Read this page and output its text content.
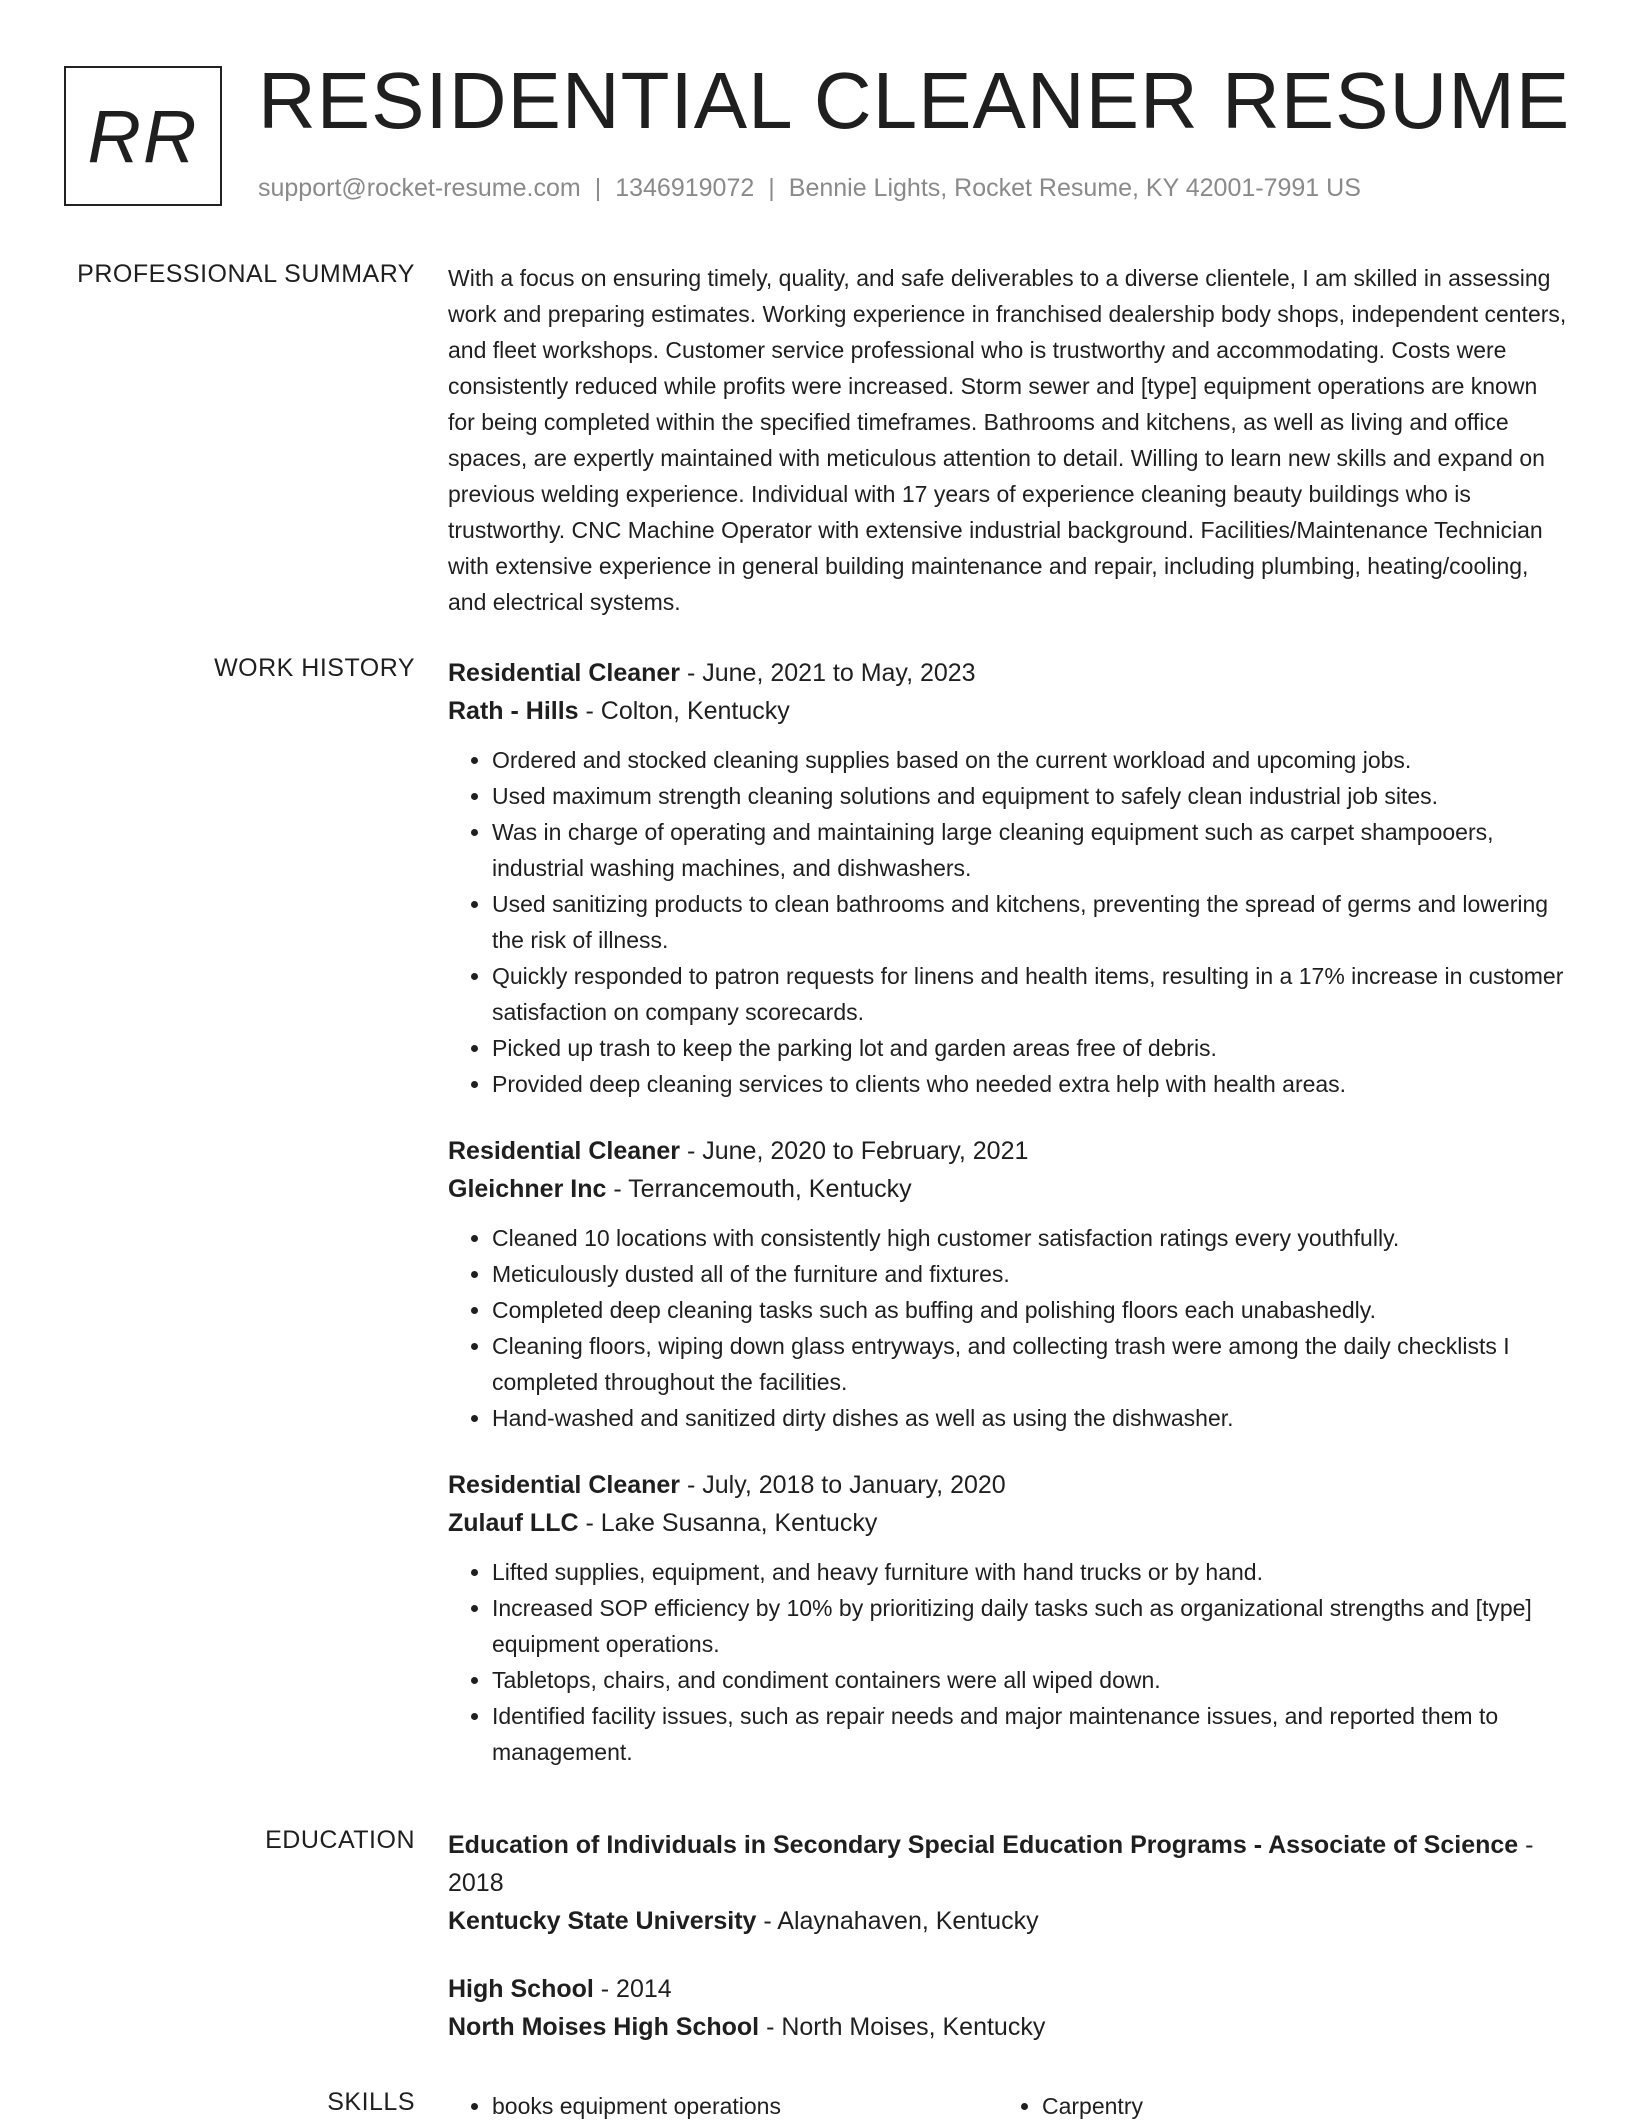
RR RESIDENTIAL CLEANER RESUME
support@rocket-resume.com | 1346919072 | Bennie Lights, Rocket Resume, KY 42001-7991 US
PROFESSIONAL SUMMARY With a focus on ensuring timely, quality, and safe deliverables to a diverse clientele, I am skilled in assessing work and preparing estimates. Working experience in franchised dealership body shops, independent centers, and fleet workshops. Customer service professional who is trustworthy and accommodating. Costs were consistently reduced while profits were increased. Storm sewer and [type] equipment operations are known for being completed within the specified timeframes. Bathrooms and kitchens, as well as living and office spaces, are expertly maintained with meticulous attention to detail. Willing to learn new skills and expand on previous welding experience. Individual with 17 years of experience cleaning beauty buildings who is trustworthy. CNC Machine Operator with extensive industrial background. Facilities/Maintenance Technician with extensive experience in general building maintenance and repair, including plumbing, heating/cooling, and electrical systems.

WORK HISTORY Residential Cleaner - June, 2021 to May, 2023
Rath - Hills - Colton, Kentucky
• Ordered and stocked cleaning supplies based on the current workload and upcoming jobs.
• Used maximum strength cleaning solutions and equipment to safely clean industrial job sites.
• Was in charge of operating and maintaining large cleaning equipment such as carpet shampooers, industrial washing machines, and dishwashers.
• Used sanitizing products to clean bathrooms and kitchens, preventing the spread of germs and lowering the risk of illness.
• Quickly responded to patron requests for linens and health items, resulting in a 17% increase in customer satisfaction on company scorecards.
• Picked up trash to keep the parking lot and garden areas free of debris.
• Provided deep cleaning services to clients who needed extra help with health areas.
Residential Cleaner - June, 2020 to February, 2021
Gleichner Inc - Terrancemouth, Kentucky
• Cleaned 10 locations with consistently high customer satisfaction ratings every youthfully.
• Meticulously dusted all of the furniture and fixtures.
• Completed deep cleaning tasks such as buffing and polishing floors each unabashedly.
• Cleaning floors, wiping down glass entryways, and collecting trash were among the daily checklists I completed throughout the facilities.
• Hand-washed and sanitized dirty dishes as well as using the dishwasher.
Residential Cleaner - July, 2018 to January, 2020
Zulauf LLC - Lake Susanna, Kentucky
• Lifted supplies, equipment, and heavy furniture with hand trucks or by hand.
• Increased SOP efficiency by 10% by prioritizing daily tasks such as organizational strengths and [type] equipment operations.
• Tabletops, chairs, and condiment containers were all wiped down.
• Identified facility issues, such as repair needs and major maintenance issues, and reported them to management.
EDUCATION Education of Individuals in Secondary Special Education Programs - Associate of Science - 2018
Kentucky State University - Alaynahaven, Kentucky
High School - 2014
North Moises High School - North Moises, Kentucky
SKILLS	• books equipment operations	• Carpentry
